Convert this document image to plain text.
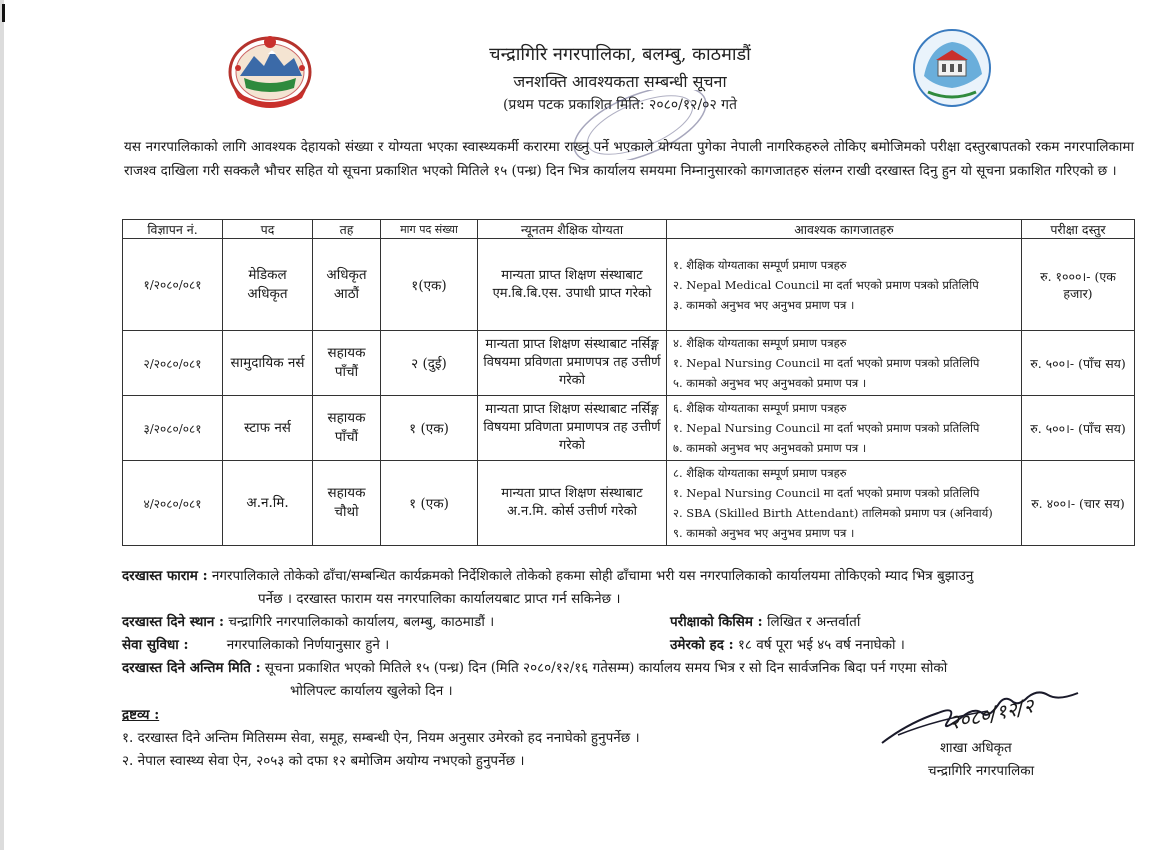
चन्द्रागिरि नगरपालिका, बलम्बु, काठमाडौं
जनशक्ति आवश्यकता सम्बन्धी सूचना
(प्रथम पटक प्रकाशित मिति: २०८०/१२/०२ गते
यस नगरपालिकाको लागि आवश्यक देहायको संख्या र योग्यता भएका स्वास्थ्यकर्मी करारमा राख्नु पर्ने भएकाले योग्यता पुगेका नेपाली नागरिकहरुले तोकिए बमोजिमको परीक्षा दस्तुरबापतको रकम नगरपालिकामा राजश्व दाखिला गरी सक्कलै भौचर सहित यो सूचना प्रकाशित भएको मितिले १५ (पन्ध्र) दिन भित्र कार्यालय समयमा निम्नानुसारको कागजातहरु संलग्न राखी दरखास्त दिनु हुन यो सूचना प्रकाशित गरिएको छ ।
विज्ञापन नं.	पद	तह	माग पद संख्या	न्यूनतम शैक्षिक योग्यता	आवश्यक कागजातहरु	परीक्षा दस्तुर
१/२०८०/०८१	मेडिकल अधिकृत	अधिकृत आठौं	१(एक)	मान्यता प्राप्त शिक्षण संस्थाबाट एम.बि.बि.एस. उपाधी प्राप्त गरेको	१. शैक्षिक योग्यताका सम्पूर्ण प्रमाण पत्रहरु
२. Nepal Medical Council मा दर्ता भएको प्रमाण पत्रको प्रतिलिपि
३. कामको अनुभव भए अनुभव प्रमाण पत्र ।	रु. १०००।- (एक हजार)
२/२०८०/०८१	सामुदायिक नर्स	सहायक पाँचौं	२ (दुई)	मान्यता प्राप्त शिक्षण संस्थाबाट नर्सिङ्ग विषयमा प्रविणता प्रमाणपत्र तह उत्तीर्ण गरेको	४. शैक्षिक योग्यताका सम्पूर्ण प्रमाण पत्रहरु
१. Nepal Nursing Council मा दर्ता भएको प्रमाण पत्रको प्रतिलिपि
५. कामको अनुभव भए अनुभवको प्रमाण पत्र ।	रु. ५००।- (पाँच सय)
३/२०८०/०८१	स्टाफ नर्स	सहायक पाँचौं	१ (एक)	मान्यता प्राप्त शिक्षण संस्थाबाट नर्सिङ्ग विषयमा प्रविणता प्रमाणपत्र तह उत्तीर्ण गरेको	६. शैक्षिक योग्यताका सम्पूर्ण प्रमाण पत्रहरु
१. Nepal Nursing Council मा दर्ता भएको प्रमाण पत्रको प्रतिलिपि
७. कामको अनुभव भए अनुभवको प्रमाण पत्र ।	रु. ५००।- (पाँच सय)
४/२०८०/०८१	अ.न.मि.	सहायक चौथो	१ (एक)	मान्यता प्राप्त शिक्षण संस्थाबाट अ.न.मि. कोर्स उत्तीर्ण गरेको	८. शैक्षिक योग्यताका सम्पूर्ण प्रमाण पत्रहरु
१. Nepal Nursing Council मा दर्ता भएको प्रमाण पत्रको प्रतिलिपि
२. SBA (Skilled Birth Attendant) तालिमको प्रमाण पत्र (अनिवार्य)
९. कामको अनुभव भए अनुभव प्रमाण पत्र ।	रु. ४००।- (चार सय)
दरखास्त फाराम : नगरपालिकाले तोकेको ढाँचा/सम्बन्धित कार्यक्रमको निर्देशिकाले तोकेको हकमा सोही ढाँचामा भरी यस नगरपालिकाको कार्यालयमा तोकिएको म्याद भित्र बुझाउनु
पर्नेछ । दरखास्त फाराम यस नगरपालिका कार्यालयबाट प्राप्त गर्न सकिनेछ ।
दरखास्त दिने स्थान : चन्द्रागिरि नगरपालिकाको कार्यालय, बलम्बु, काठमाडौं ।	परीक्षाको किसिम : लिखित र अन्तर्वार्ता
सेवा सुविधा :	नगरपालिकाको निर्णयानुसार हुने ।	उमेरको हद : १८ वर्ष पूरा भई ४५ वर्ष ननाघेको ।
दरखास्त दिने अन्तिम मिति : सूचना प्रकाशित भएको मितिले १५ (पन्ध्र) दिन (मिति २०८०/१२/१६ गतेसम्म) कार्यालय समय भित्र र सो दिन सार्वजनिक बिदा पर्न गएमा सोको
भोलिपल्ट कार्यालय खुलेको दिन ।
द्रष्टव्य :
१. दरखास्त दिने अन्तिम मितिसम्म सेवा, समूह, सम्बन्धी ऐन, नियम अनुसार उमेरको हद ननाघेको हुनुपर्नेछ ।
२. नेपाल स्वास्थ्य सेवा ऐन, २०५३ को दफा १२ बमोजिम अयोग्य नभएको हुनुपर्नेछ ।
२०८०/१२/२
शाखा अधिकृत
चन्द्रागिरि नगरपालिका
